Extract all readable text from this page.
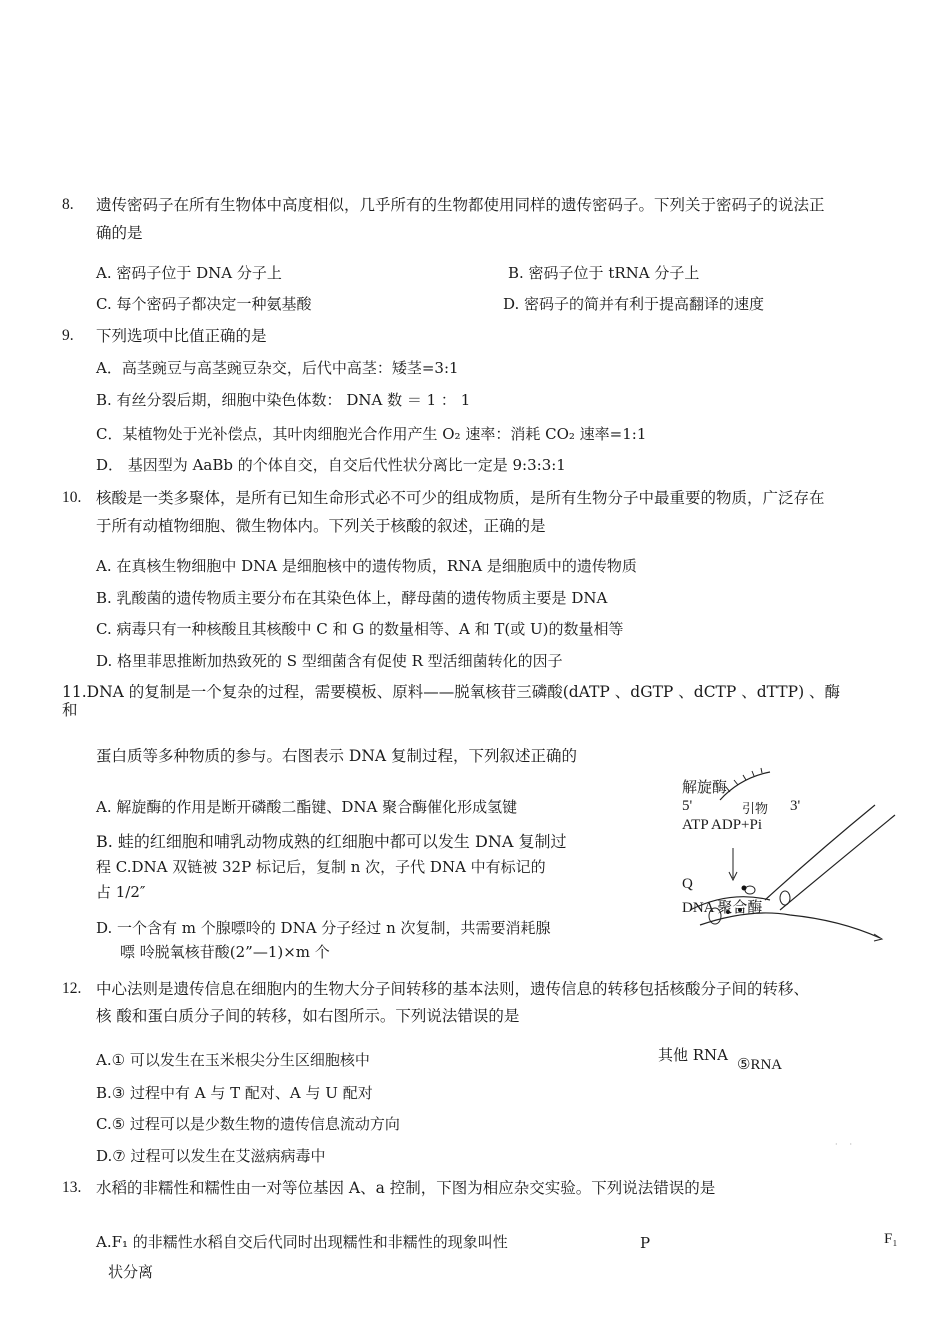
8. 遗传密码子在所有生物体中高度相似，几乎所有的生物都使用同样的遗传密码子。下列关于密码子的说法正
确的是
A. 密码子位于 DNA 分子上	B. 密码子位于 tRNA 分子上
C. 每个密码子都决定一种氨基酸	D. 密码子的简并有利于提高翻译的速度
9. 下列选项中比值正确的是
A．高茎豌豆与高茎豌豆杂交，后代中高茎：矮茎=3:1
B. 有丝分裂后期，细胞中染色体数： DNA 数 ＝ 1 ： 1
C．某植物处于光补偿点，其叶肉细胞光合作用产生 O₂ 速率：消耗 CO₂ 速率=1:1
D． 基因型为 AaBb 的个体自交，自交后代性状分离比一定是 9:3:3:1
10. 核酸是一类多聚体，是所有已知生命形式必不可少的组成物质，是所有生物分子中最重要的物质，广泛存在
于所有动植物细胞、微生物体内。下列关于核酸的叙述，正确的是
A. 在真核生物细胞中 DNA 是细胞核中的遗传物质，RNA 是细胞质中的遗传物质
B. 乳酸菌的遗传物质主要分布在其染色体上，酵母菌的遗传物质主要是 DNA
C. 病毒只有一种核酸且其核酸中 C 和 G 的数量相等、A 和 T(或 U)的数量相等
D. 格里菲思推断加热致死的 S 型细菌含有促使 R 型活细菌转化的因子
11.DNA 的复制是一个复杂的过程，需要模板、原料——脱氧核苷三磷酸(dATP 、dGTP 、dCTP 、dTTP) 、酶
和
蛋白质等多种物质的参与。右图表示 DNA 复制过程，下列叙述正确的
A. 解旋酶的作用是断开磷酸二酯键、DNA 聚合酶催化形成氢键
B. 蛙的红细胞和哺乳动物成熟的红细胞中都可以发生 DNA 复制过
程 C.DNA 双链被 32P 标记后，复制 n 次，子代 DNA 中有标记的
占 1/2″
D. 一个含有 m 个腺嘌呤的 DNA 分子经过 n 次复制，共需要消耗腺
嘌 呤脱氧核苷酸(2”—1)×m 个
解旋酶
5'	引物 3'
ATP ADP+Pi
Q
DNA 聚合酶
12. 中心法则是遗传信息在细胞内的生物大分子间转移的基本法则，遗传信息的转移包括核酸分子间的转移、
核 酸和蛋白质分子间的转移，如右图所示。下列说法错误的是
A.① 可以发生在玉米根尖分生区细胞核中
B.③ 过程中有 A 与 T 配对、A 与 U 配对
C.⑤ 过程可以是少数生物的遗传信息流动方向
D.⑦ 过程可以发生在艾滋病病毒中
其他 RNA
⑤RNA
·   ·
13. 水稻的非糯性和糯性由一对等位基因 A、a 控制，下图为相应杂交实验。下列说法错误的是
A.F₁ 的非糯性水稻自交后代同时出现糯性和非糯性的现象叫性
状分离
P	F₁
